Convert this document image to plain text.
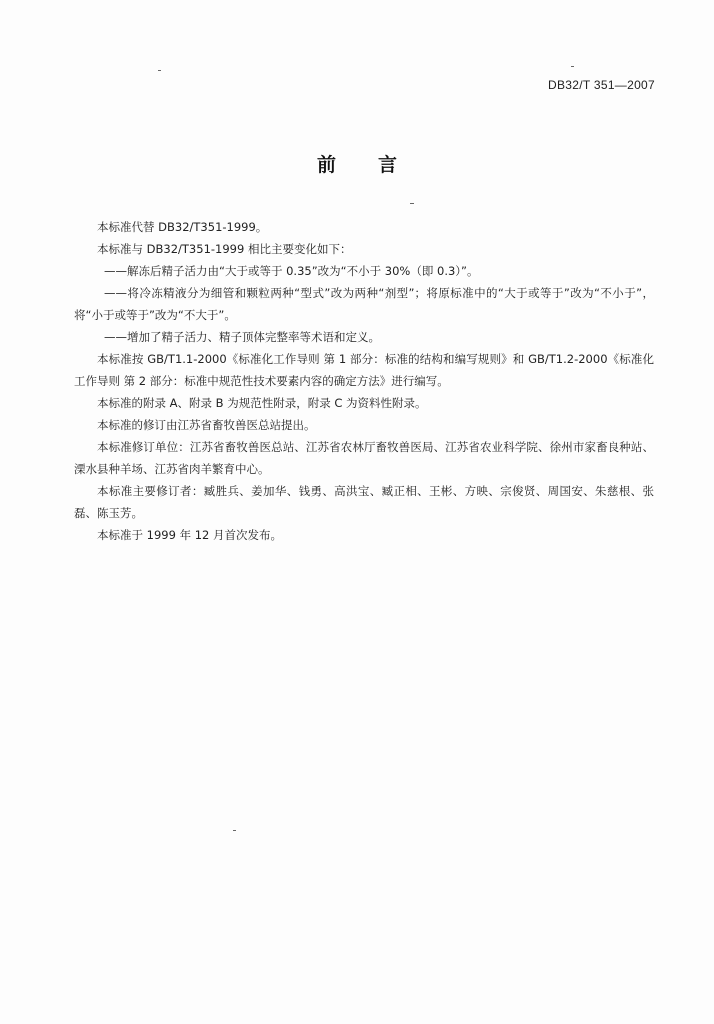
DB32/T 351—2007
前言

本标准代替 DB32/T351-1999。

本标准与 DB32/T351-1999 相比主要变化如下：

——解冻后精子活力由“大于或等于 0.35”改为“不小于 30%（即 0.3）”。

——将冷冻精液分为细管和颗粒两种“型式”改为两种“剂型”；将原标准中的“大于或等于”改为“不小于”，将“小于或等于”改为“不大于”。

——增加了精子活力、精子顶体完整率等术语和定义。

本标准按 GB/T1.1-2000《标准化工作导则 第 1 部分：标准的结构和编写规则》和 GB/T1.2-2000《标准化工作导则 第 2 部分：标准中规范性技术要素内容的确定方法》进行编写。

本标准的附录 A、附录 B 为规范性附录，附录 C 为资料性附录。

本标准的修订由江苏省畜牧兽医总站提出。

本标准修订单位：江苏省畜牧兽医总站、江苏省农林厅畜牧兽医局、江苏省农业科学院、徐州市家畜良种站、溧水县种羊场、江苏省肉羊繁育中心。

本标准主要修订者：臧胜兵、姜加华、钱勇、高洪宝、臧正相、王彬、方映、宗俊贤、周国安、朱慈根、张磊、陈玉芳。

本标准于 1999 年 12 月首次发布。
